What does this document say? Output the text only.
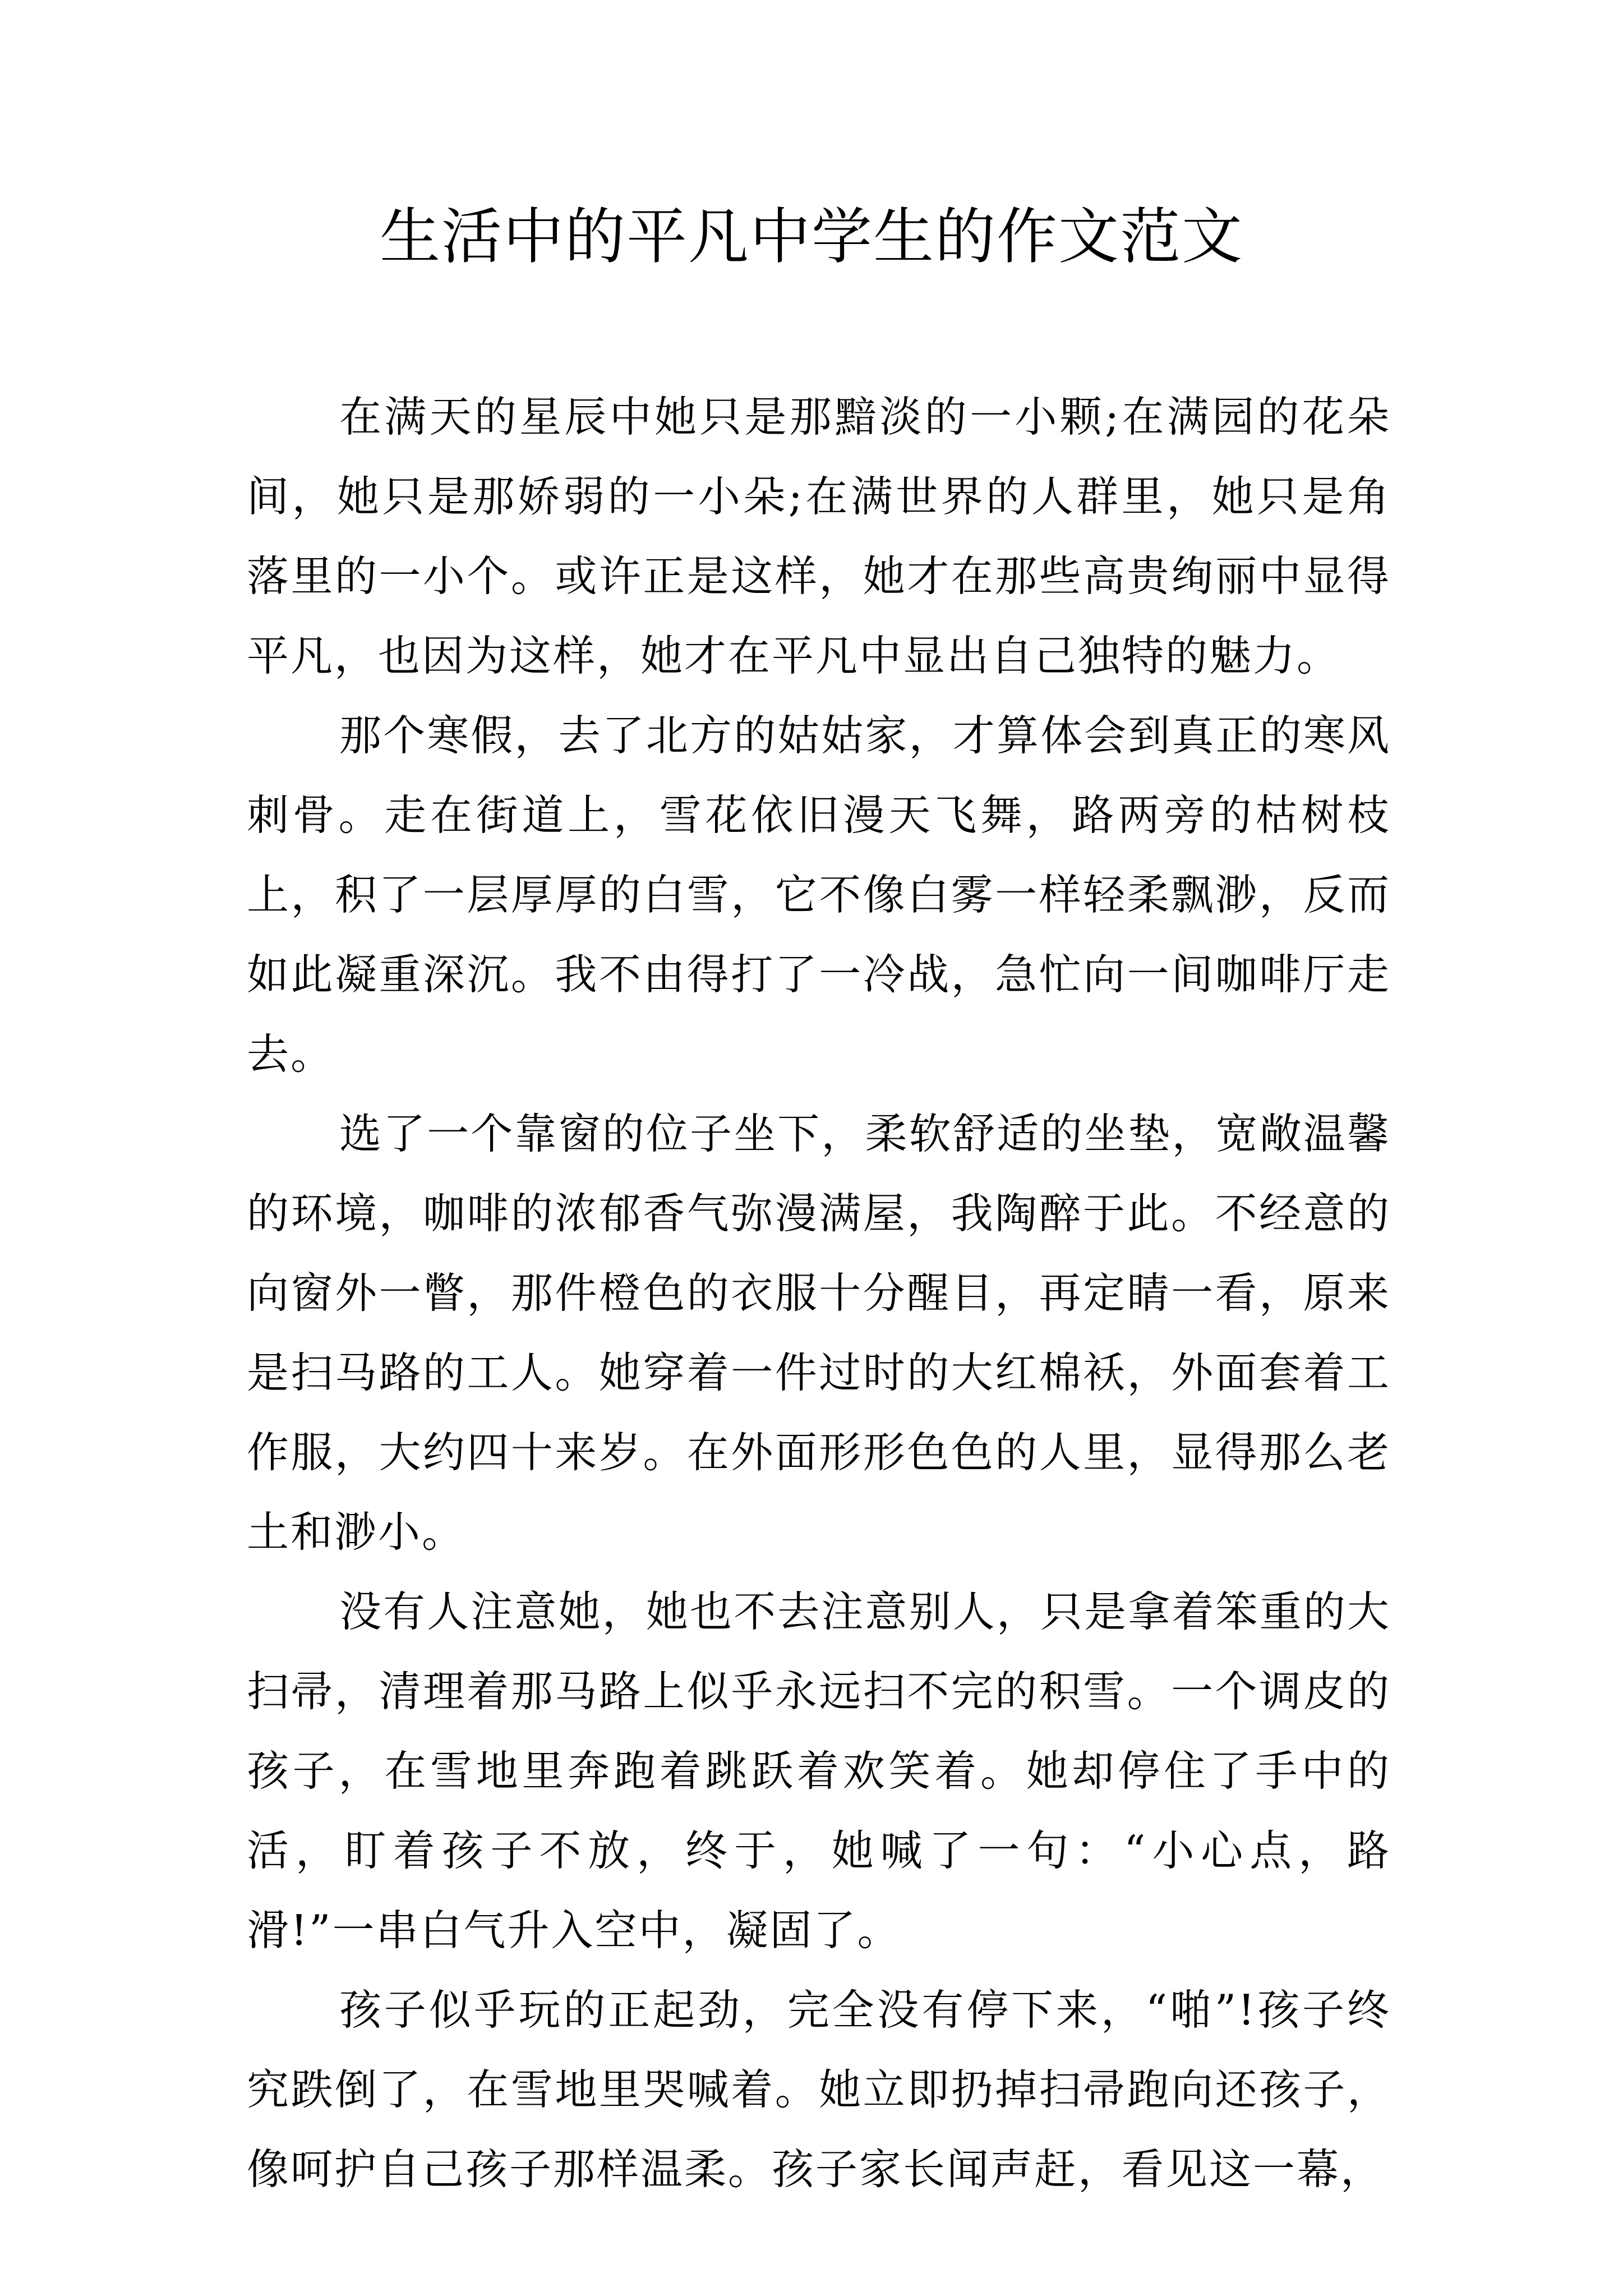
生活中的平凡中学生的作文范文

在满天的星辰中她只是那黯淡的一小颗;在满园的花朵间，她只是那娇弱的一小朵;在满世界的人群里，她只是角落里的一小个。或许正是这样，她才在那些高贵绚丽中显得平凡，也因为这样，她才在平凡中显出自己独特的魅力。

那个寒假，去了北方的姑姑家，才算体会到真正的寒风刺骨。走在街道上，雪花依旧漫天飞舞，路两旁的枯树枝上，积了一层厚厚的白雪，它不像白雾一样轻柔飘渺，反而如此凝重深沉。我不由得打了一冷战，急忙向一间咖啡厅走去。

选了一个靠窗的位子坐下，柔软舒适的坐垫，宽敞温馨的环境，咖啡的浓郁香气弥漫满屋，我陶醉于此。不经意的向窗外一瞥，那件橙色的衣服十分醒目，再定睛一看，原来是扫马路的工人。她穿着一件过时的大红棉袄，外面套着工作服，大约四十来岁。在外面形形色色的人里，显得那么老土和渺小。

没有人注意她，她也不去注意别人，只是拿着笨重的大扫帚，清理着那马路上似乎永远扫不完的积雪。一个调皮的孩子，在雪地里奔跑着跳跃着欢笑着。她却停住了手中的活，盯着孩子不放，终于，她喊了一句：“小心点，路滑!”一串白气升入空中，凝固了。

孩子似乎玩的正起劲，完全没有停下来，“啪”!孩子终究跌倒了，在雪地里哭喊着。她立即扔掉扫帚跑向还孩子，像呵护自己孩子那样温柔。孩子家长闻声赶，看见这一幕，
